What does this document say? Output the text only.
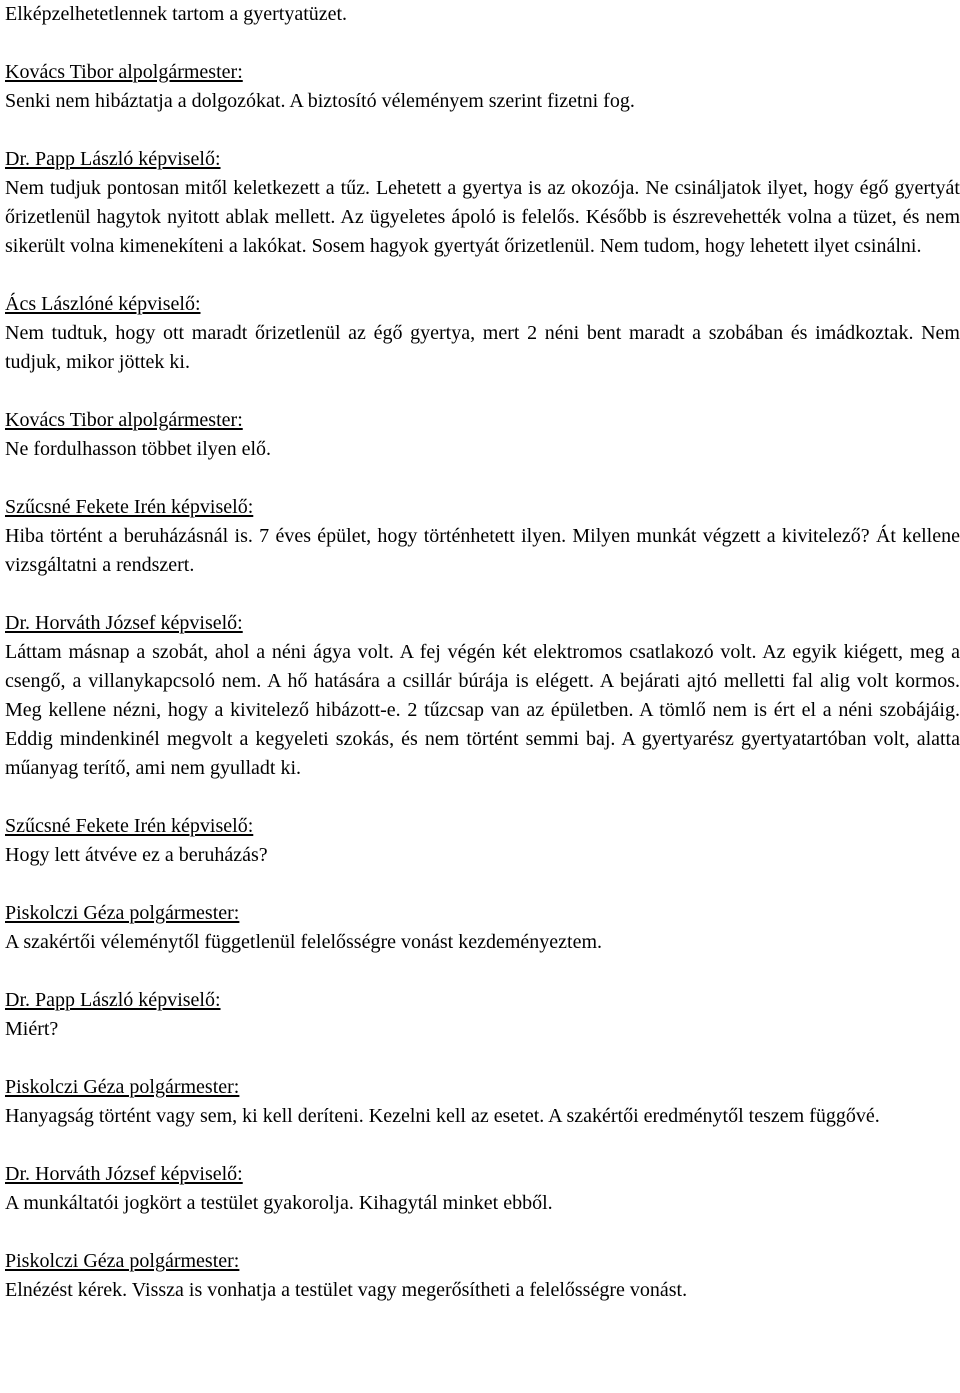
Elképzelhetetlennek tartom a gyertyatüzet.

Kovács Tibor alpolgármester:

Senki nem hibáztatja a dolgozókat. A biztosító véleményem szerint fizetni fog.

Dr. Papp László képviselő:

Nem tudjuk pontosan mitől keletkezett a tűz. Lehetett a gyertya is az okozója. Ne csináljatok ilyet, hogy égő gyertyát őrizetlenül hagytok nyitott ablak mellett. Az ügyeletes ápoló is felelős. Később is észrevehették volna a tüzet, és nem sikerült volna kimenekíteni a lakókat. Sosem hagyok gyertyát őrizetlenül. Nem tudom, hogy lehetett ilyet csinálni.

Ács Lászlóné képviselő:

Nem tudtuk, hogy ott maradt őrizetlenül az égő gyertya, mert 2 néni bent maradt a szobában és imádkoztak. Nem tudjuk, mikor jöttek ki.

Kovács Tibor alpolgármester:

Ne fordulhasson többet ilyen elő.

Szűcsné Fekete Irén képviselő:

Hiba történt a beruházásnál is. 7 éves épület, hogy történhetett ilyen. Milyen munkát végzett a kivitelező? Át kellene vizsgáltatni a rendszert.

Dr. Horváth József képviselő:

Láttam másnap a szobát, ahol a néni ágya volt. A fej végén két elektromos csatlakozó volt. Az egyik kiégett, meg a csengő, a villanykapcsoló nem. A hő hatására a csillár búrája is elégett. A bejárati ajtó melletti fal alig volt kormos. Meg kellene nézni, hogy a kivitelező hibázott-e. 2 tűzcsap van az épületben. A tömlő nem is ért el a néni szobájáig. Eddig mindenkinél megvolt a kegyeleti szokás, és nem történt semmi baj. A gyertyarész gyertyatartóban volt, alatta műanyag terítő, ami nem gyulladt ki.

Szűcsné Fekete Irén képviselő:

Hogy lett átvéve ez a beruházás?

Piskolczi Géza polgármester:

A szakértői véleménytől függetlenül felelősségre vonást kezdeményeztem.

Dr. Papp László képviselő:

Miért?

Piskolczi Géza polgármester:

Hanyagság történt vagy sem, ki kell deríteni. Kezelni kell az esetet. A szakértői eredménytől teszem függővé.

Dr. Horváth József képviselő:

A munkáltatói jogkört a testület gyakorolja. Kihagytál minket ebből.

Piskolczi Géza polgármester:

Elnézést kérek. Vissza is vonhatja a testület vagy megerősítheti a felelősségre vonást.
